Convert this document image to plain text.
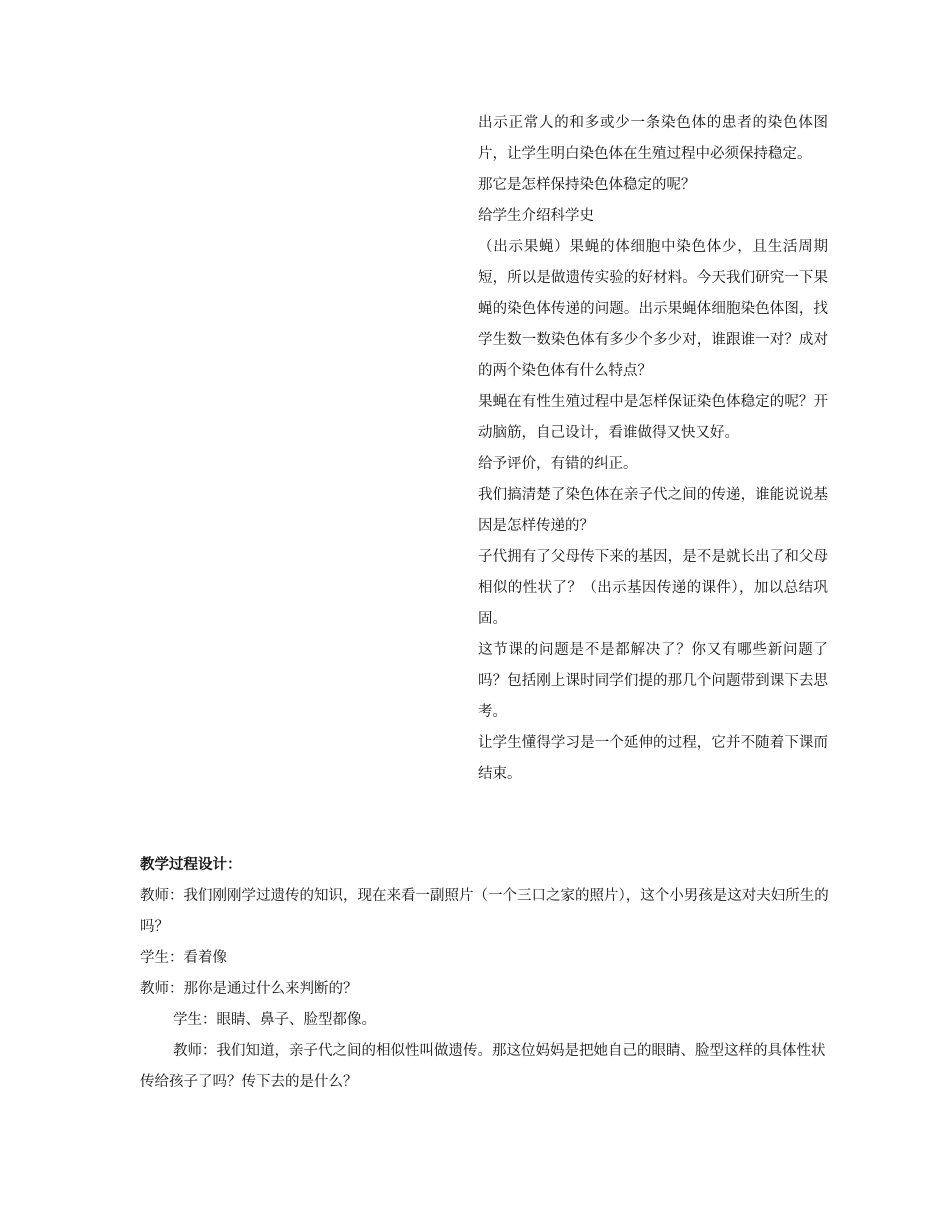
出示正常人的和多或少一条染色体的患者的染色体图片，让学生明白染色体在生殖过程中必须保持稳定。

那它是怎样保持染色体稳定的呢？

给学生介绍科学史

（出示果蝇）果蝇的体细胞中染色体少，且生活周期短，所以是做遗传实验的好材料。今天我们研究一下果蝇的染色体传递的问题。出示果蝇体细胞染色体图，找学生数一数染色体有多少个多少对，谁跟谁一对？成对的两个染色体有什么特点？

果蝇在有性生殖过程中是怎样保证染色体稳定的呢？开动脑筋，自己设计，看谁做得又快又好。

给予评价，有错的纠正。

我们搞清楚了染色体在亲子代之间的传递，谁能说说基因是怎样传递的？

子代拥有了父母传下来的基因，是不是就长出了和父母相似的性状了？（出示基因传递的课件），加以总结巩固。

这节课的问题是不是都解决了？你又有哪些新问题了吗？包括刚上课时同学们提的那几个问题带到课下去思考。

让学生懂得学习是一个延伸的过程，它并不随着下课而结束。

教学过程设计：

教师：我们刚刚学过遗传的知识，现在来看一副照片（一个三口之家的照片），这个小男孩是这对夫妇所生的吗？

学生：看着像

教师：那你是通过什么来判断的？

学生：眼睛、鼻子、脸型都像。

教师：我们知道，亲子代之间的相似性叫做遗传。那这位妈妈是把她自己的眼睛、脸型这样的具体性状传给孩子了吗？传下去的是什么？
